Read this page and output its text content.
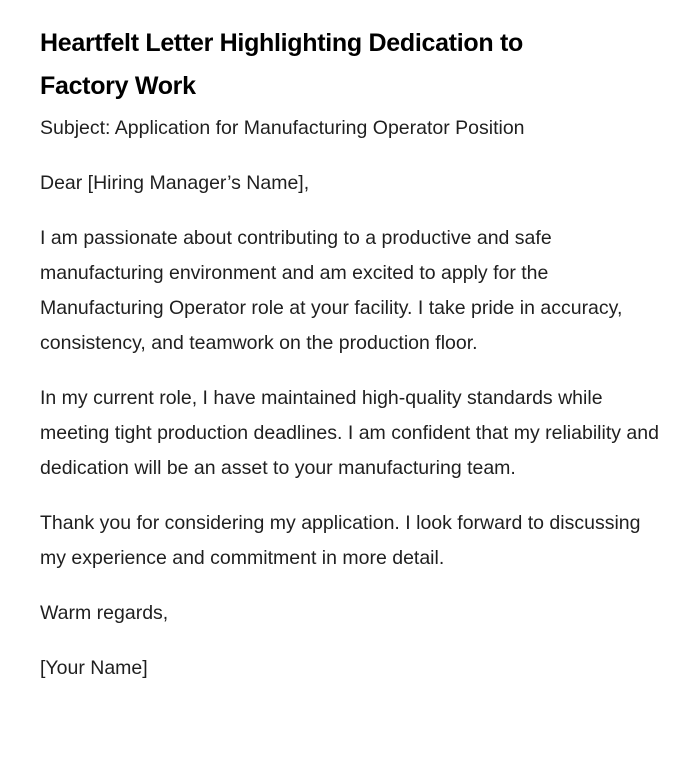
Heartfelt Letter Highlighting Dedication to Factory Work

Subject: Application for Manufacturing Operator Position

Dear [Hiring Manager’s Name],

I am passionate about contributing to a productive and safe manufacturing environment and am excited to apply for the Manufacturing Operator role at your facility. I take pride in accuracy, consistency, and teamwork on the production floor.

In my current role, I have maintained high-quality standards while meeting tight production deadlines. I am confident that my reliability and dedication will be an asset to your manufacturing team.

Thank you for considering my application. I look forward to discussing my experience and commitment in more detail.

Warm regards,

[Your Name]
